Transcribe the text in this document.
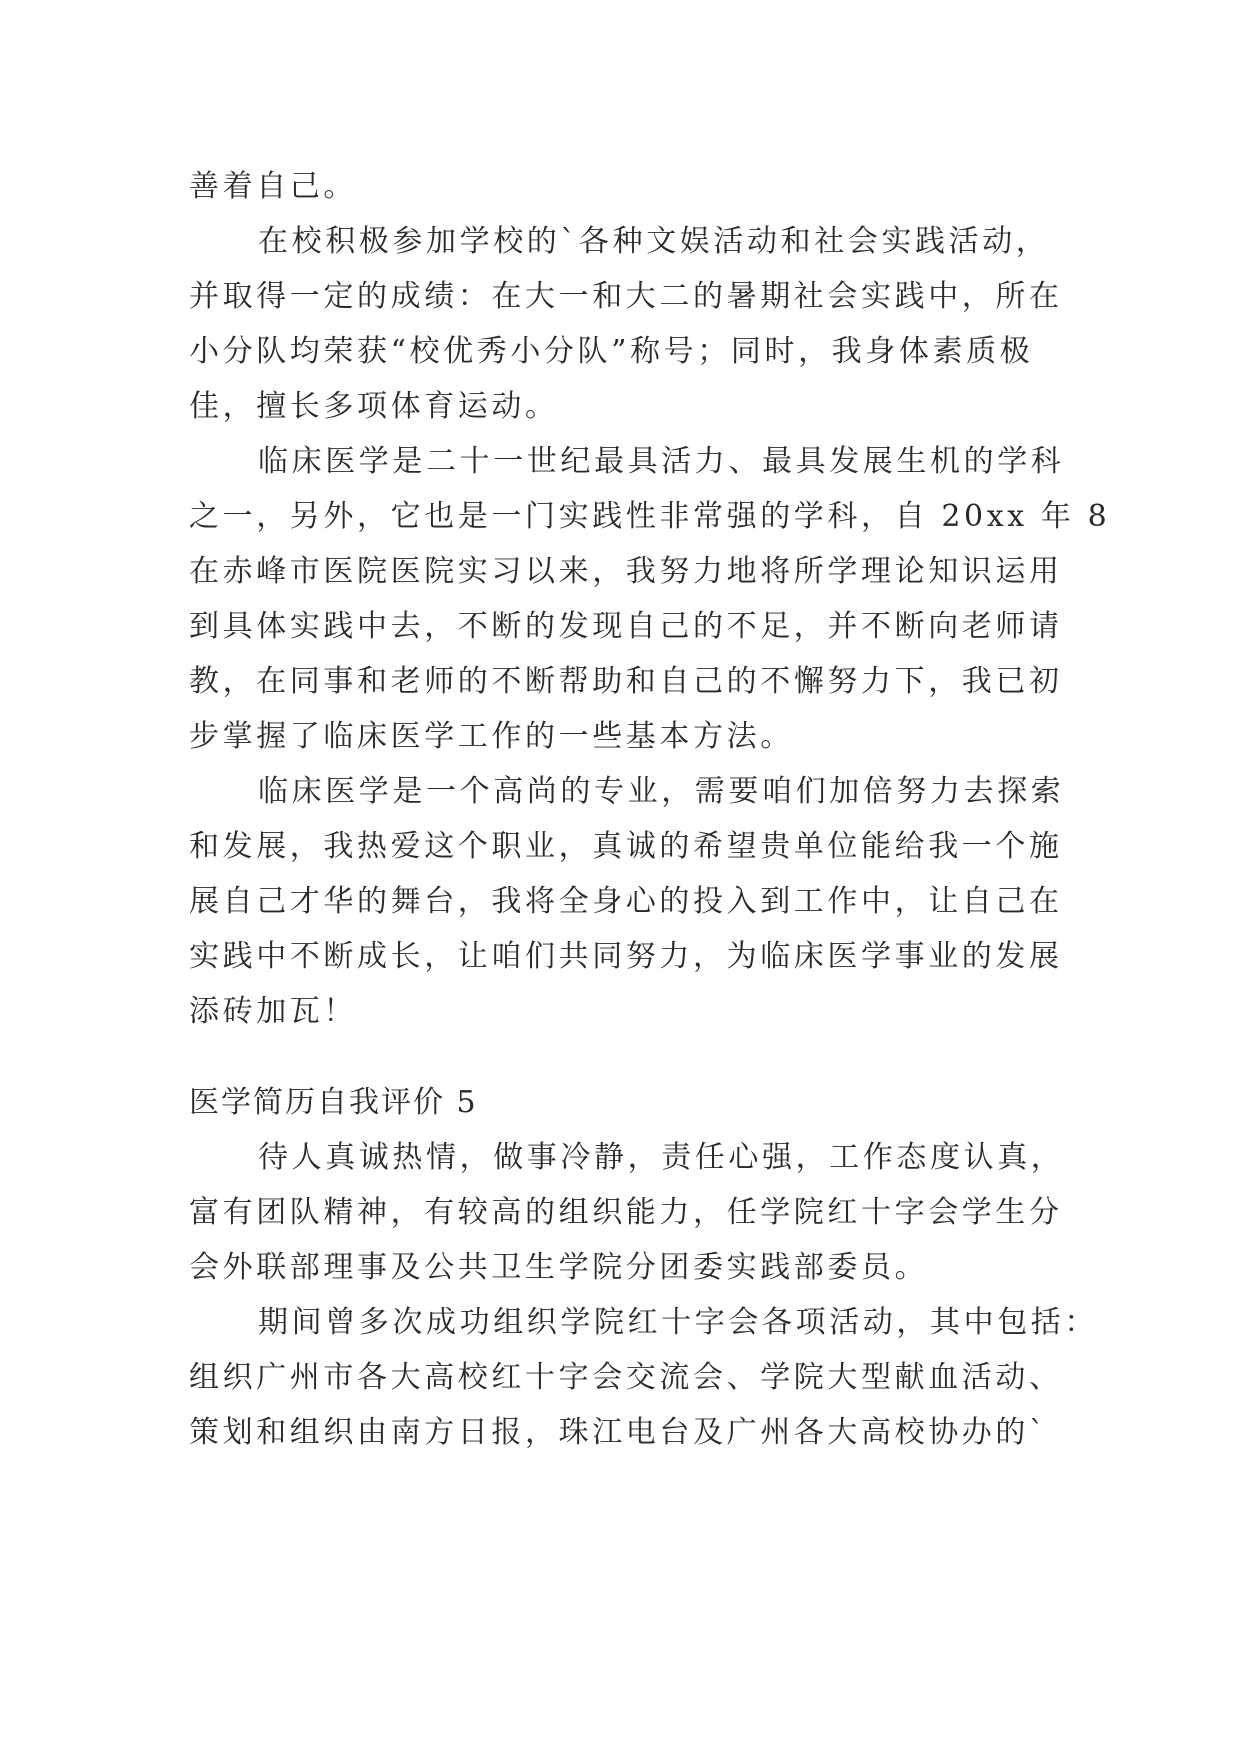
善着自己。
在校积极参加学校的`各种文娱活动和社会实践活动，
并取得一定的成绩：在大一和大二的暑期社会实践中，所在
小分队均荣获“校优秀小分队”称号；同时，我身体素质极
佳，擅长多项体育运动。
临床医学是二十一世纪最具活力、最具发展生机的学科
之一，另外，它也是一门实践性非常强的学科，自 20xx 年 8
在赤峰市医院医院实习以来，我努力地将所学理论知识运用
到具体实践中去，不断的发现自己的不足，并不断向老师请
教，在同事和老师的不断帮助和自己的不懈努力下，我已初
步掌握了临床医学工作的一些基本方法。
临床医学是一个高尚的专业，需要咱们加倍努力去探索
和发展，我热爱这个职业，真诚的希望贵单位能给我一个施
展自己才华的舞台，我将全身心的投入到工作中，让自己在
实践中不断成长，让咱们共同努力，为临床医学事业的发展
添砖加瓦！
医学简历自我评价 5
待人真诚热情，做事冷静，责任心强，工作态度认真，
富有团队精神，有较高的组织能力，任学院红十字会学生分
会外联部理事及公共卫生学院分团委实践部委员。
期间曾多次成功组织学院红十字会各项活动，其中包括：
组织广州市各大高校红十字会交流会、学院大型献血活动、
策划和组织由南方日报，珠江电台及广州各大高校协办的`
